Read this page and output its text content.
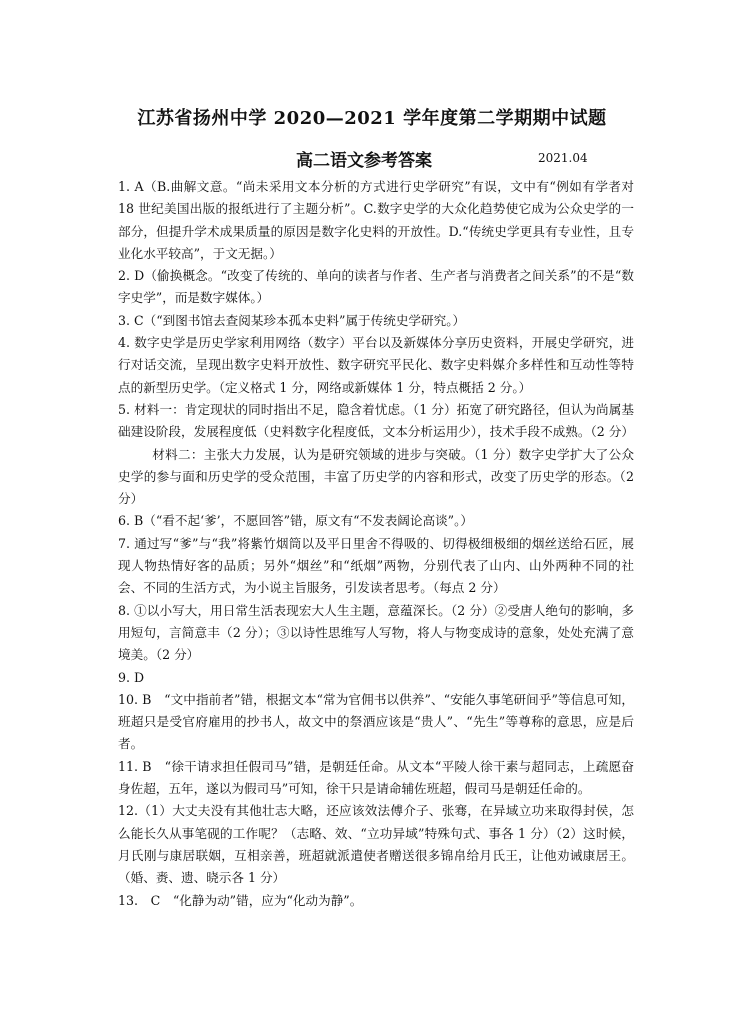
江苏省扬州中学 2020—2021 学年度第二学期期中试题
高二语文参考答案	2021.04

1. A（B.曲解文意。“尚未采用文本分析的方式进行史学研究”有误，文中有“例如有学者对 18 世纪美国出版的报纸进行了主题分析”。C.数字史学的大众化趋势使它成为公众史学的一部分，但提升学术成果质量的原因是数字化史料的开放性。D.“传统史学更具有专业性，且专业化水平较高”，于文无据。）

2. D（偷换概念。“改变了传统的、单向的读者与作者、生产者与消费者之间关系”的不是“数字史学”，而是数字媒体。）

3. C（“到图书馆去查阅某珍本孤本史料”属于传统史学研究。）

4. 数字史学是历史学家利用网络（数字）平台以及新媒体分享历史资料，开展史学研究，进行对话交流，呈现出数字史料开放性、数字研究平民化、数字史料媒介多样性和互动性等特点的新型历史学。（定义格式 1 分，网络或新媒体 1 分，特点概括 2 分。）

5. 材料一：肯定现状的同时指出不足，隐含着忧虑。（1 分）拓宽了研究路径，但认为尚属基础建设阶段，发展程度低（史料数字化程度低，文本分析运用少），技术手段不成熟。（2 分）材料二：主张大力发展，认为是研究领域的进步与突破。（1 分）数字史学扩大了公众史学的参与面和历史学的受众范围，丰富了历史学的内容和形式，改变了历史学的形态。（2 分）

6. B（“看不起‘爹’，不愿回答”错，原文有“不发表阔论高谈”。）

7. 通过写“爹”与“我”将紫竹烟筒以及平日里舍不得吸的、切得极细极细的烟丝送给石匠，展现人物热情好客的品质；另外“烟丝”和“纸烟”两物，分别代表了山内、山外两种不同的社会、不同的生活方式，为小说主旨服务，引发读者思考。（每点 2 分）

8. ①以小写大，用日常生活表现宏大人生主题，意蕴深长。（2 分）②受唐人绝句的影响，多用短句，言简意丰（2 分）；③以诗性思维写人写物，将人与物变成诗的意象，处处充满了意境美。（2 分）

9. D

10. B　“文中指前者”错，根据文本“常为官佣书以供养”、“安能久事笔研间乎”等信息可知，班超只是受官府雇用的抄书人，故文中的祭酒应该是“贵人”、“先生”等尊称的意思，应是后者。

11. B　“徐干请求担任假司马”错，是朝廷任命。从文本“平陵人徐干素与超同志，上疏愿奋身佐超，五年，遂以为假司马”可知，徐干只是请命辅佐班超，假司马是朝廷任命的。

12.（1）大丈夫没有其他壮志大略，还应该效法傅介子、张骞，在异域立功来取得封侯，怎么能长久从事笔砚的工作呢？（志略、效、“立功异域”特殊句式、事各 1 分）（2）这时候，月氏刚与康居联姻，互相亲善，班超就派遣使者赠送很多锦帛给月氏王，让他劝诫康居王。（婚、赉、遗、晓示各 1 分）

13.　C　“化静为动”错，应为“化动为静”。
